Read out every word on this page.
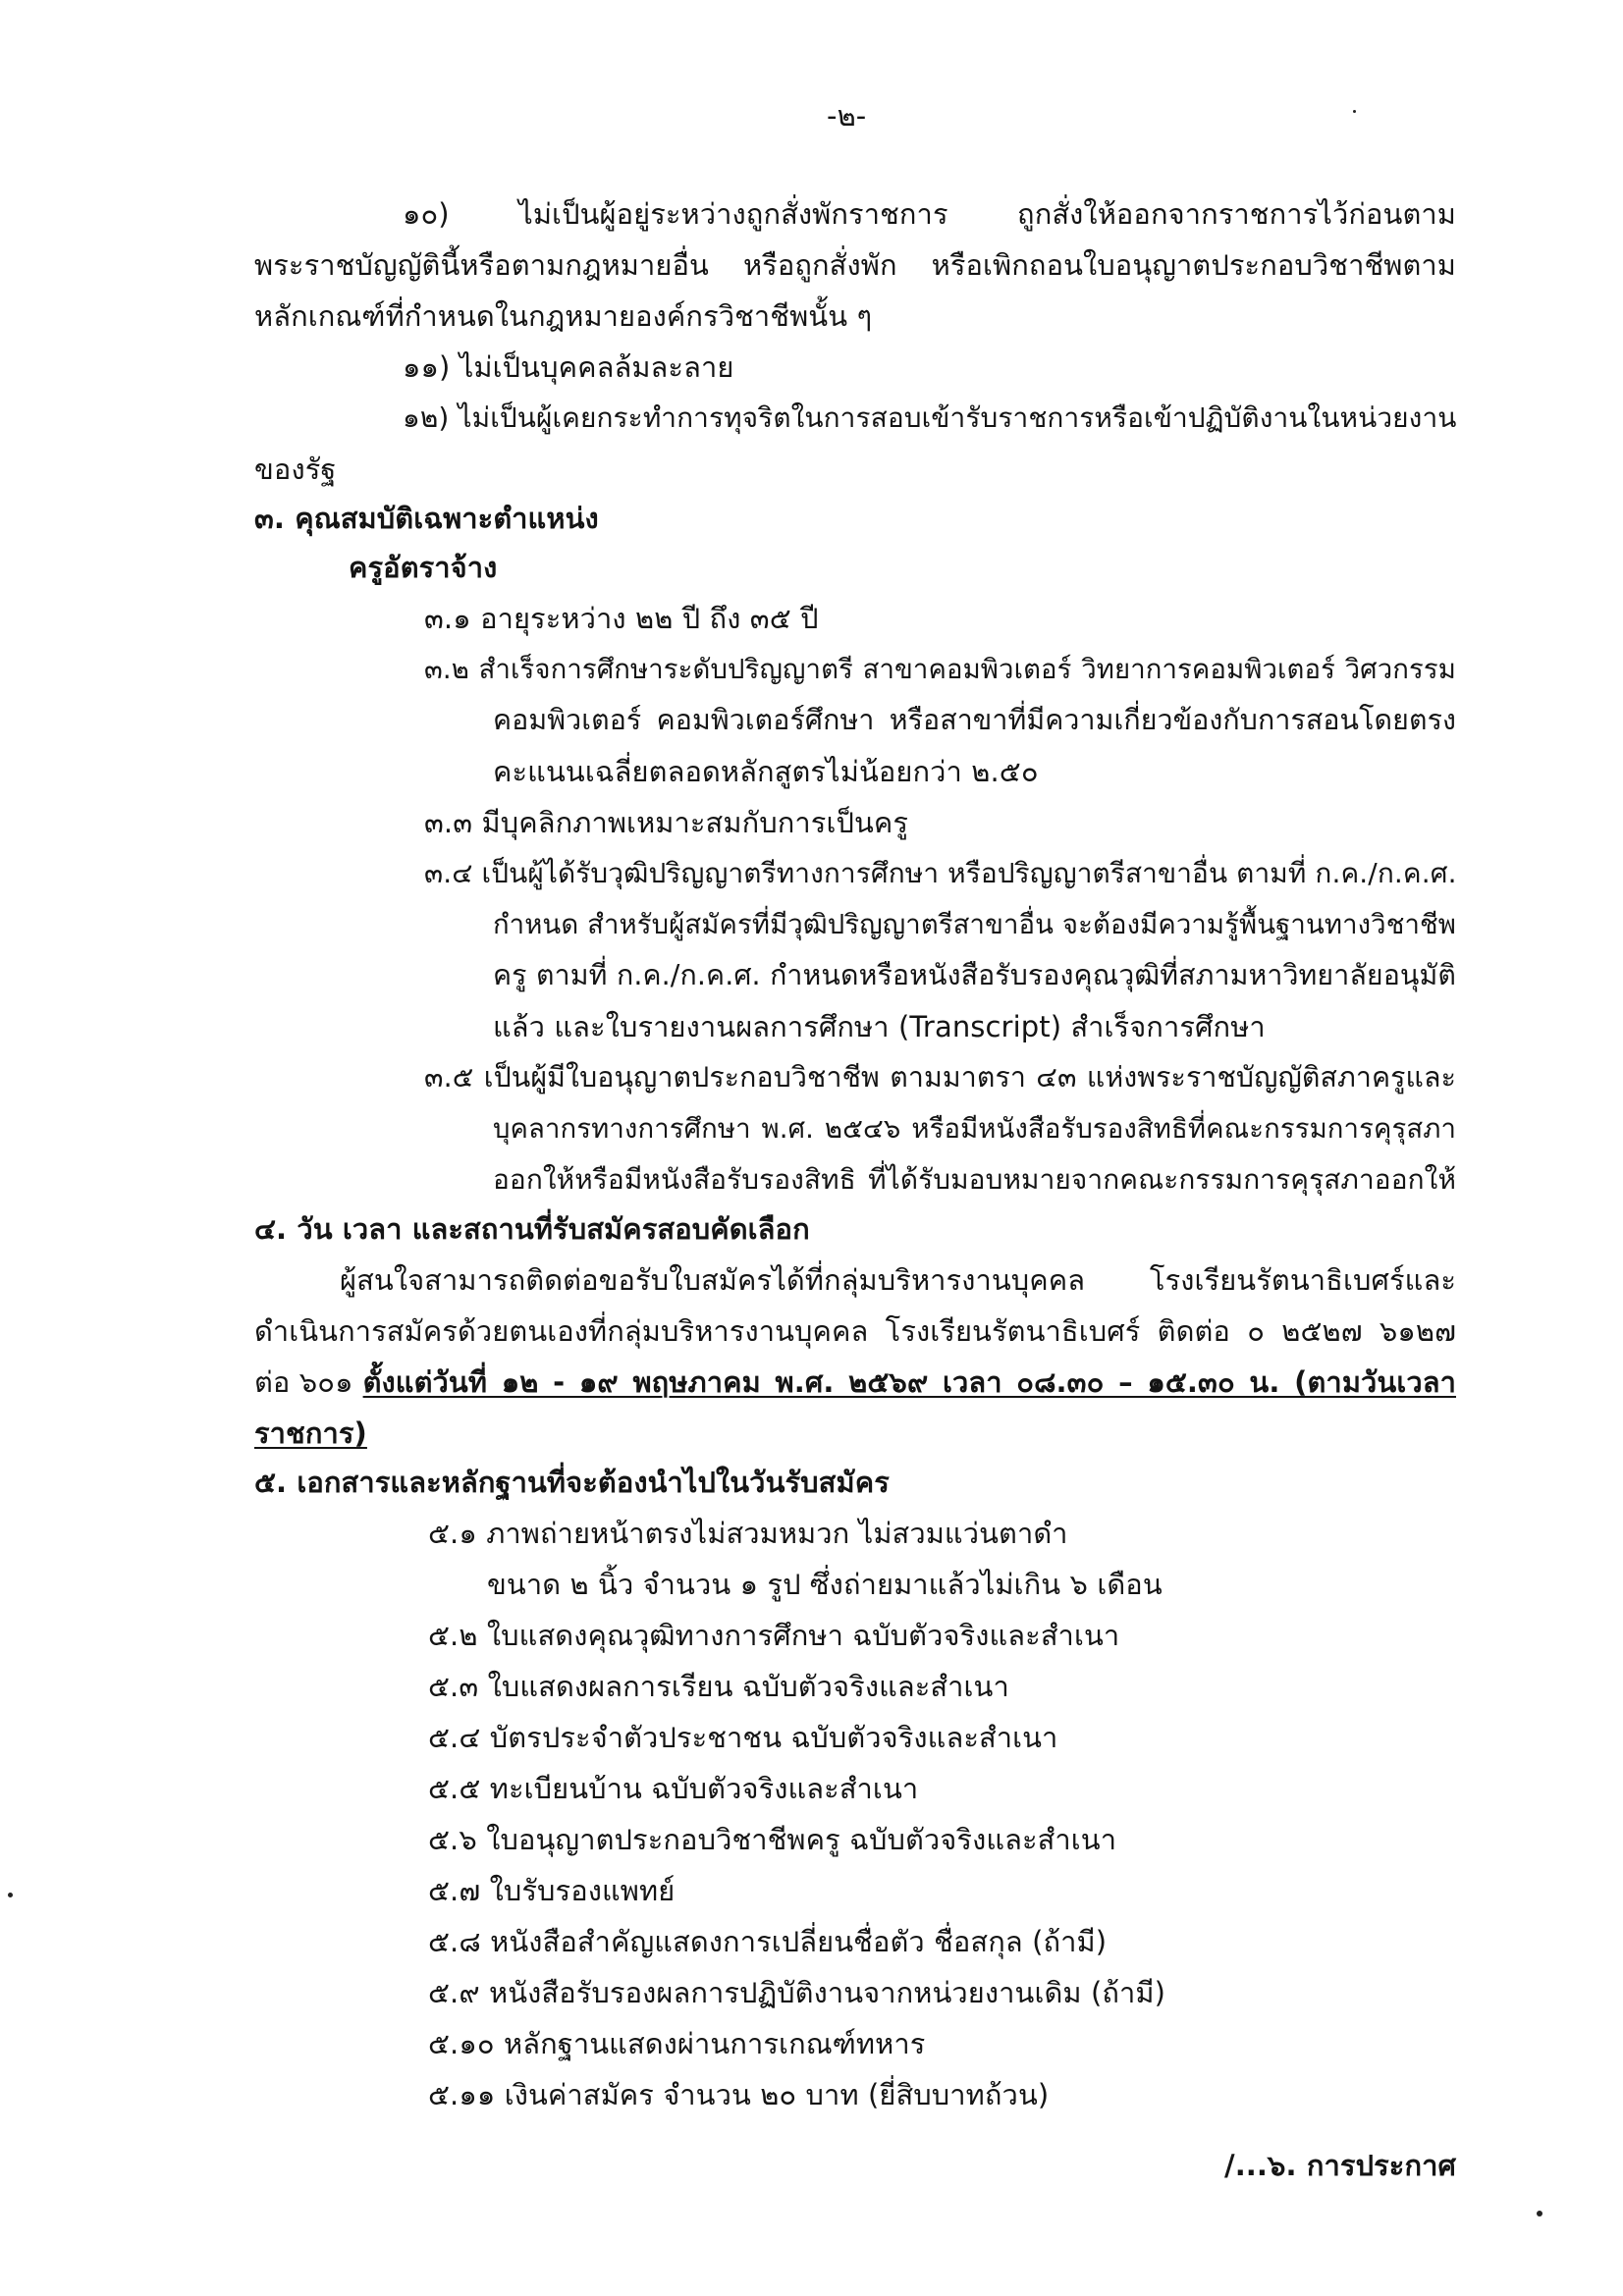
-๒-
๑๐) ไม่เป็นผู้อยู่ระหว่างถูกสั่งพักราชการ ถูกสั่งให้ออกจากราชการไว้ก่อนตาม
พระราชบัญญัตินี้หรือตามกฎหมายอื่น หรือถูกสั่งพัก หรือเพิกถอนใบอนุญาตประกอบวิชาชีพตาม
หลักเกณฑ์ที่กำหนดในกฎหมายองค์กรวิชาชีพนั้น ๆ
๑๑) ไม่เป็นบุคคลล้มละลาย
๑๒) ไม่เป็นผู้เคยกระทำการทุจริตในการสอบเข้ารับราชการหรือเข้าปฏิบัติงานในหน่วยงาน
ของรัฐ
๓. คุณสมบัติเฉพาะตำแหน่ง
ครูอัตราจ้าง
๓.๑ อายุระหว่าง ๒๒ ปี ถึง ๓๕ ปี
๓.๒ สำเร็จการศึกษาระดับปริญญาตรี สาขาคอมพิวเตอร์ วิทยาการคอมพิวเตอร์ วิศวกรรม
คอมพิวเตอร์ คอมพิวเตอร์ศึกษา หรือสาขาที่มีความเกี่ยวข้องกับการสอนโดยตรง
คะแนนเฉลี่ยตลอดหลักสูตรไม่น้อยกว่า ๒.๕๐
๓.๓ มีบุคลิกภาพเหมาะสมกับการเป็นครู
๓.๔ เป็นผู้ได้รับวุฒิปริญญาตรีทางการศึกษา หรือปริญญาตรีสาขาอื่น ตามที่ ก.ค./ก.ค.ศ.
กำหนด สำหรับผู้สมัครที่มีวุฒิปริญญาตรีสาขาอื่น จะต้องมีความรู้พื้นฐานทางวิชาชีพ
ครู ตามที่ ก.ค./ก.ค.ศ. กำหนดหรือหนังสือรับรองคุณวุฒิที่สภามหาวิทยาลัยอนุมัติ
แล้ว และใบรายงานผลการศึกษา (Transcript) สำเร็จการศึกษา
๓.๕ เป็นผู้มีใบอนุญาตประกอบวิชาชีพ ตามมาตรา ๔๓ แห่งพระราชบัญญัติสภาครูและ
บุคลากรทางการศึกษา พ.ศ. ๒๕๔๖ หรือมีหนังสือรับรองสิทธิที่คณะกรรมการคุรุสภา
ออกให้หรือมีหนังสือรับรองสิทธิ ที่ได้รับมอบหมายจากคณะกรรมการคุรุสภาออกให้
๔. วัน เวลา และสถานที่รับสมัครสอบคัดเลือก
ผู้สนใจสามารถติดต่อขอรับใบสมัครได้ที่กลุ่มบริหารงานบุคคล โรงเรียนรัตนาธิเบศร์และ
ดำเนินการสมัครด้วยตนเองที่กลุ่มบริหารงานบุคคล โรงเรียนรัตนาธิเบศร์ ติดต่อ ๐ ๒๕๒๗ ๖๑๒๗
ต่อ ๖๐๑ ตั้งแต่วันที่ ๑๒ - ๑๙ พฤษภาคม พ.ศ. ๒๕๖๙ เวลา ๐๘.๓๐ – ๑๕.๓๐ น. (ตามวันเวลา
ราชการ)
๕. เอกสารและหลักฐานที่จะต้องนำไปในวันรับสมัคร
๕.๑ ภาพถ่ายหน้าตรงไม่สวมหมวก ไม่สวมแว่นตาดำ
ขนาด ๒ นิ้ว จำนวน ๑ รูป ซึ่งถ่ายมาแล้วไม่เกิน ๖ เดือน
๕.๒ ใบแสดงคุณวุฒิทางการศึกษา ฉบับตัวจริงและสำเนา
๕.๓ ใบแสดงผลการเรียน ฉบับตัวจริงและสำเนา
๕.๔ บัตรประจำตัวประชาชน ฉบับตัวจริงและสำเนา
๕.๕ ทะเบียนบ้าน ฉบับตัวจริงและสำเนา
๕.๖ ใบอนุญาตประกอบวิชาชีพครู ฉบับตัวจริงและสำเนา
๕.๗ ใบรับรองแพทย์
๕.๘ หนังสือสำคัญแสดงการเปลี่ยนชื่อตัว ชื่อสกุล (ถ้ามี)
๕.๙ หนังสือรับรองผลการปฏิบัติงานจากหน่วยงานเดิม (ถ้ามี)
๕.๑๐ หลักฐานแสดงผ่านการเกณฑ์ทหาร
๕.๑๑ เงินค่าสมัคร จำนวน ๒๐ บาท (ยี่สิบบาทถ้วน)
/...๖. การประกาศ
